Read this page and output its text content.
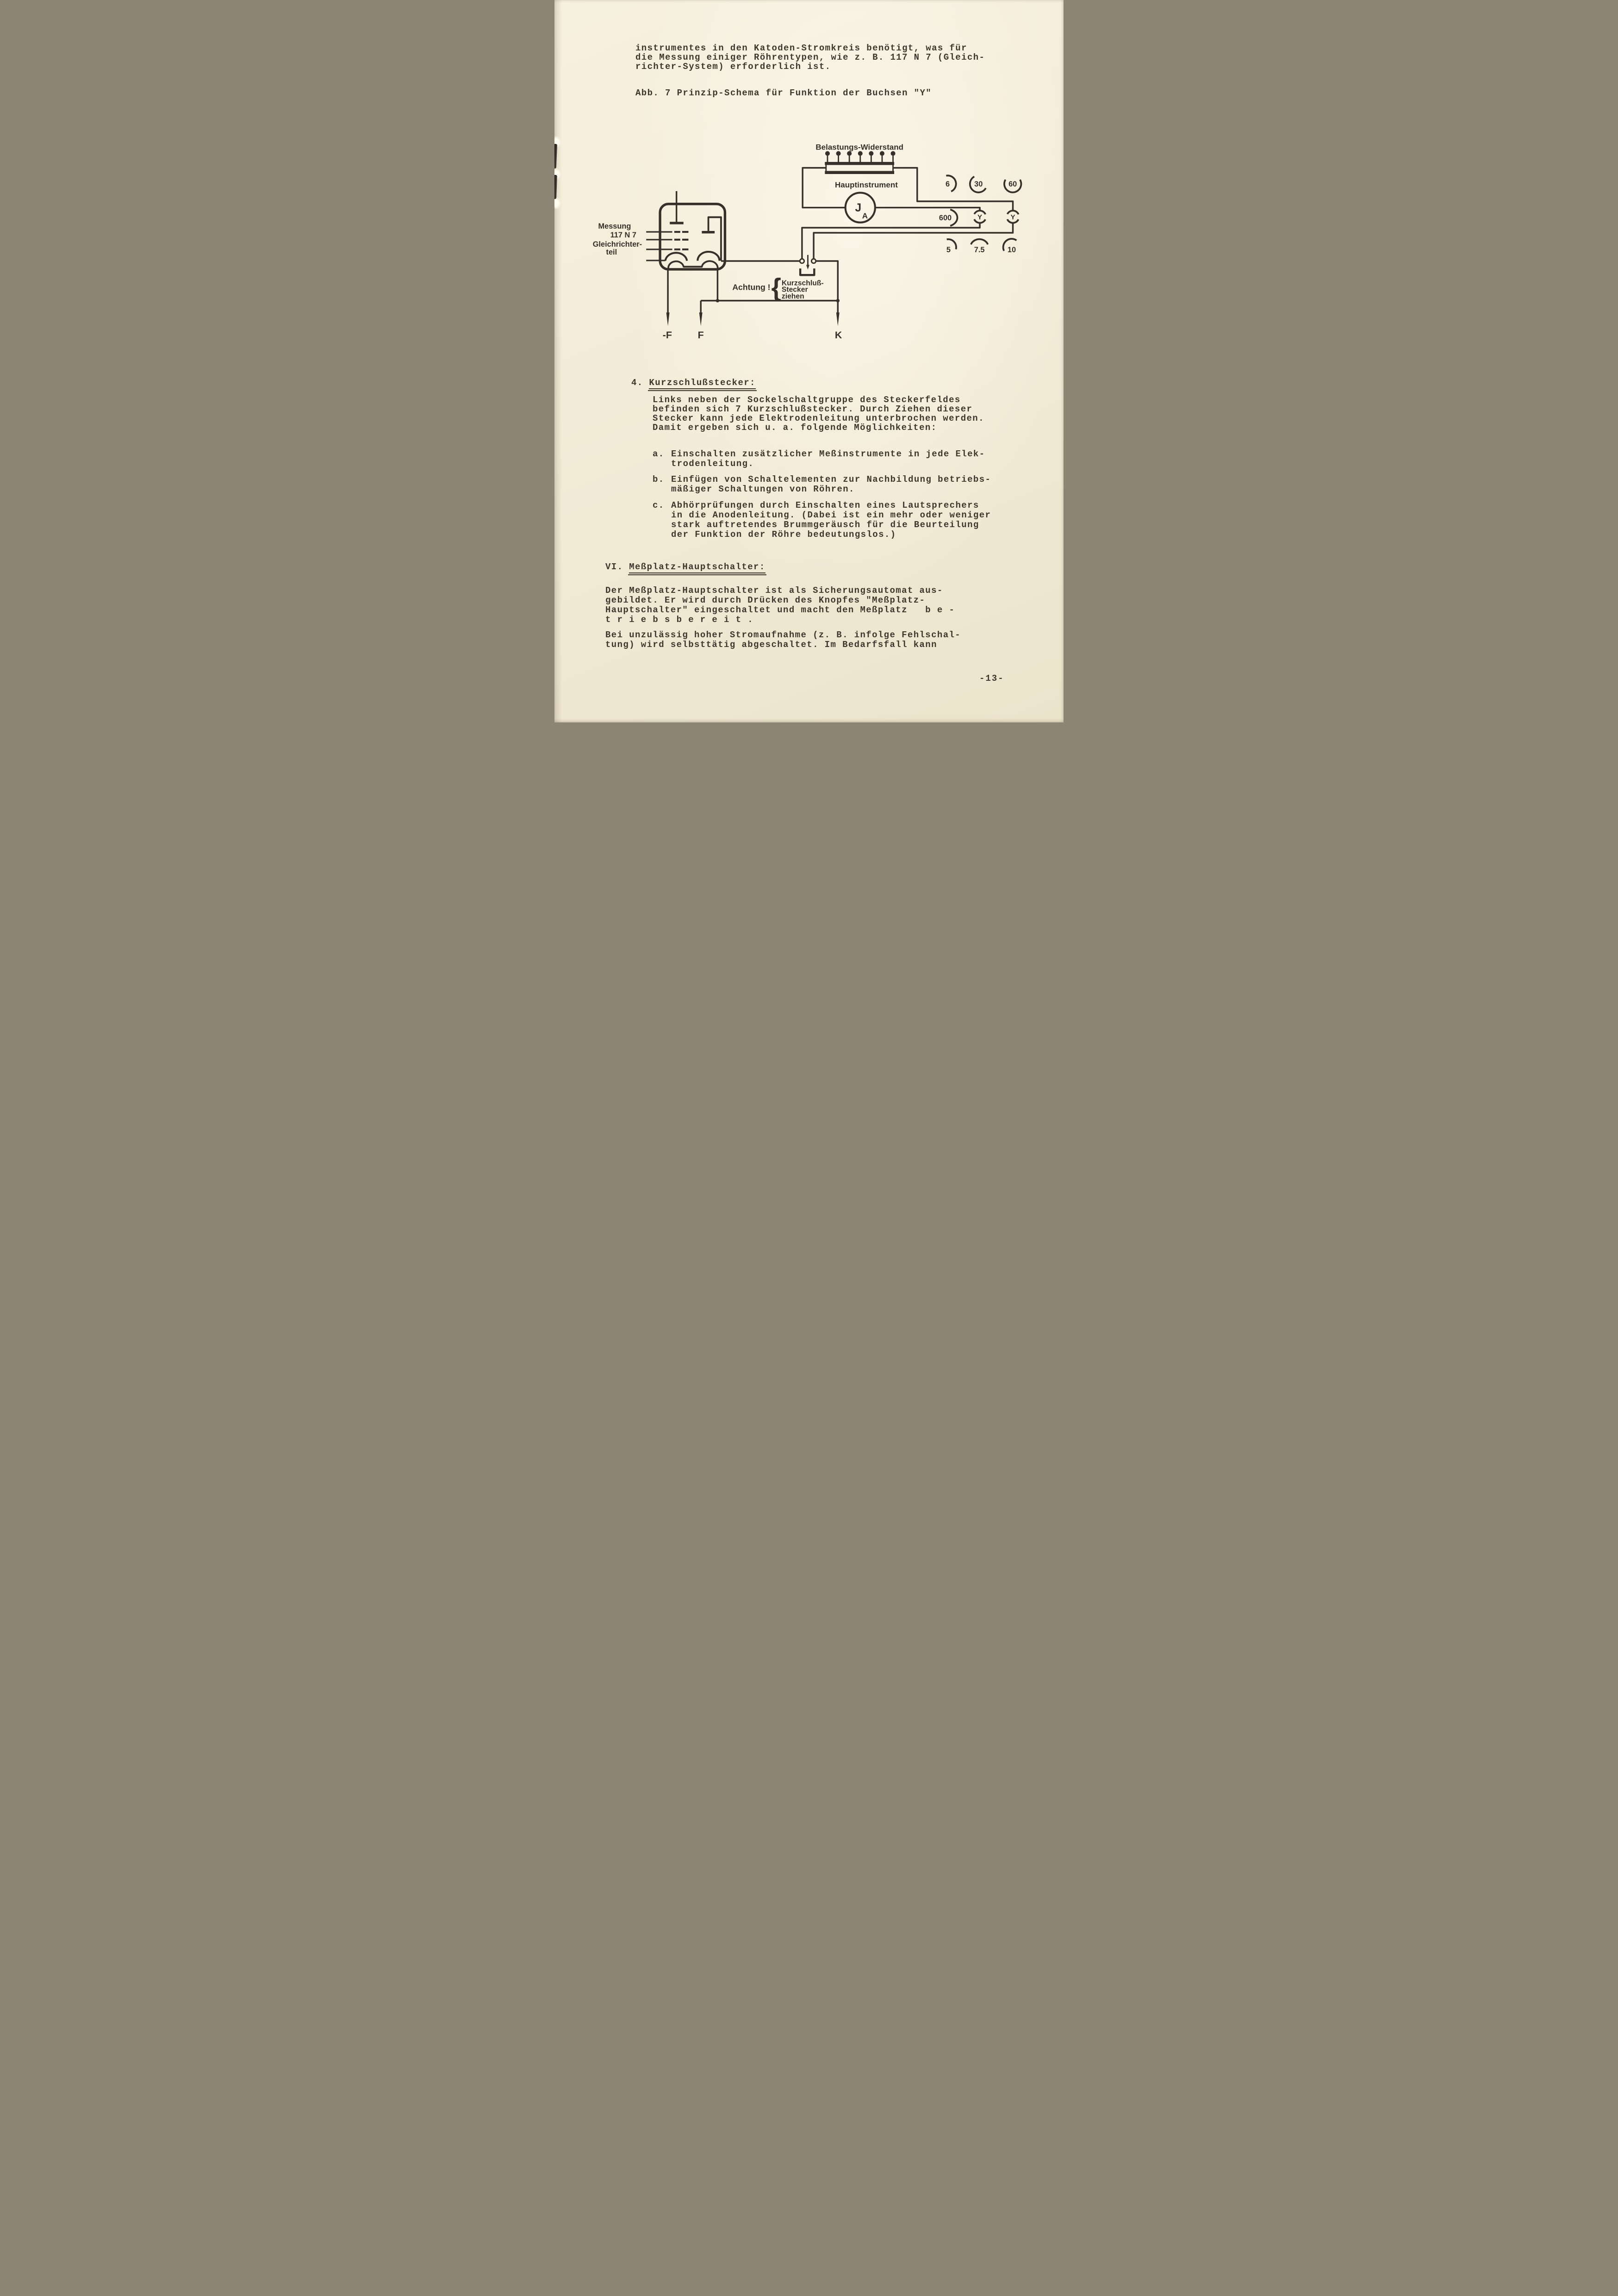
instrumentes in den Katoden-Stromkreis benötigt, was für
die Messung einiger Röhrentypen, wie z. B. 117 N 7 (Gleich-
richter-System) erforderlich ist.
Abb. 7 Prinzip-Schema für Funktion der Buchsen "Y"
Belastungs-Widerstand
Hauptinstrument
J
A
Messung
117 N 7
Gleichrichter-
teil
Achtung ! { Kurzschluß-
Stecker
ziehen
-F F	K
6 30 60
600 Y Y
5 7.5 10
4. Kurzschlußstecker:
Links neben der Sockelschaltgruppe des Steckerfeldes
befinden sich 7 Kurzschlußstecker. Durch Ziehen dieser
Stecker kann jede Elektrodenleitung unterbrochen werden.
Damit ergeben sich u. a. folgende Möglichkeiten:
a. Einschalten zusätzlicher Meßinstrumente in jede Elek-
trodenleitung.
b. Einfügen von Schaltelementen zur Nachbildung betriebs-
mäßiger Schaltungen von Röhren.
c. Abhörprüfungen durch Einschalten eines Lautsprechers
in die Anodenleitung. (Dabei ist ein mehr oder weniger
stark auftretendes Brummgeräusch für die Beurteilung
der Funktion der Röhre bedeutungslos.)
VI. Meßplatz-Hauptschalter:
Der Meßplatz-Hauptschalter ist als Sicherungsautomat aus-
gebildet. Er wird durch Drücken des Knopfes "Meßplatz-
Hauptschalter" eingeschaltet und macht den Meßplatz   b e -
t r i e b s b e r e i t .
Bei unzulässig hoher Stromaufnahme (z. B. infolge Fehlschal-
tung) wird selbsttätig abgeschaltet. Im Bedarfsfall kann
-13-
